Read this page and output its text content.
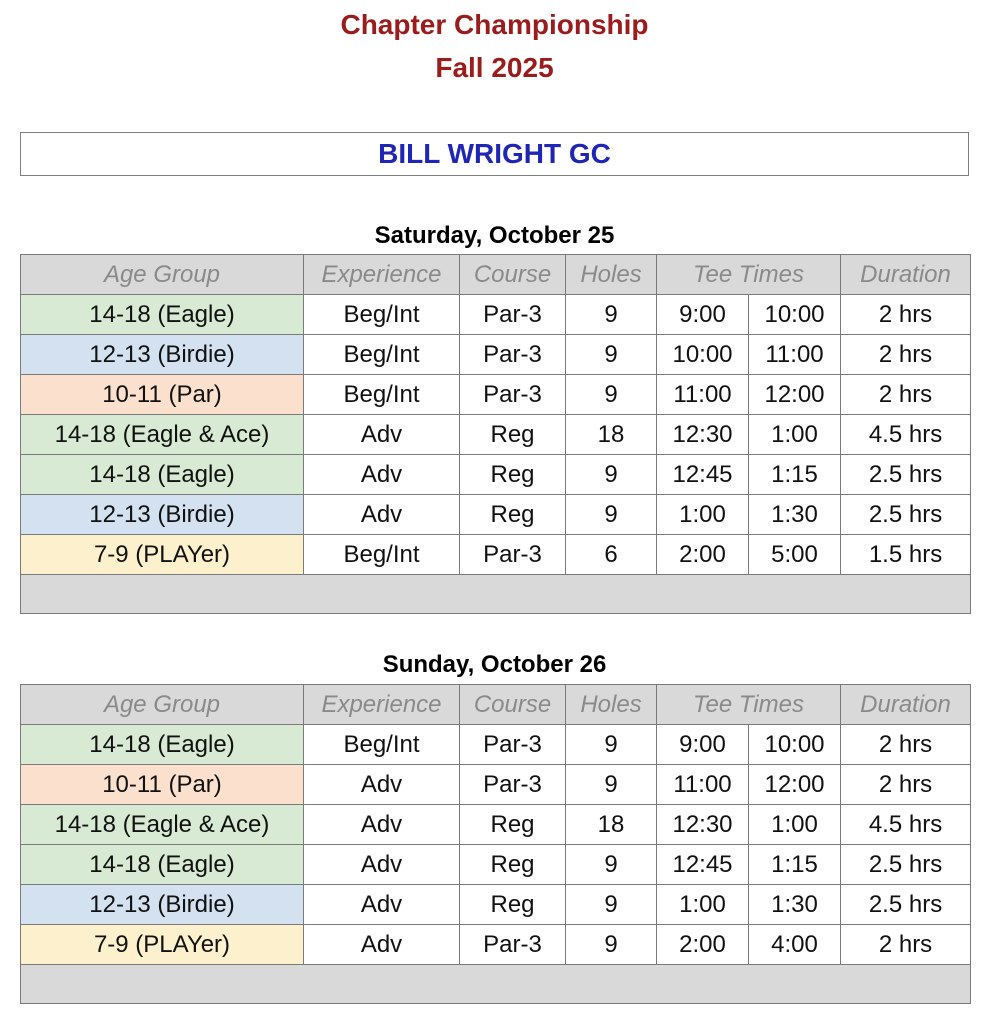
Chapter Championship
Fall 2025
BILL WRIGHT GC
Saturday, October 25
Age Group	Experience	Course	Holes	Tee Times		Duration
14-18 (Eagle)	Beg/Int	Par-3	9	9:00	10:00	2 hrs
12-13 (Birdie)	Beg/Int	Par-3	9	10:00	11:00	2 hrs
10-11 (Par)	Beg/Int	Par-3	9	11:00	12:00	2 hrs
14-18 (Eagle & Ace)	Adv	Reg	18	12:30	1:00	4.5 hrs
14-18 (Eagle)	Adv	Reg	9	12:45	1:15	2.5 hrs
12-13 (Birdie)	Adv	Reg	9	1:00	1:30	2.5 hrs
7-9 (PLAYer)	Beg/Int	Par-3	6	2:00	5:00	1.5 hrs

Sunday, October 26
Age Group	Experience	Course	Holes	Tee Times		Duration
14-18 (Eagle)	Beg/Int	Par-3	9	9:00	10:00	2 hrs
10-11 (Par)	Adv	Par-3	9	11:00	12:00	2 hrs
14-18 (Eagle & Ace)	Adv	Reg	18	12:30	1:00	4.5 hrs
14-18 (Eagle)	Adv	Reg	9	12:45	1:15	2.5 hrs
12-13 (Birdie)	Adv	Reg	9	1:00	1:30	2.5 hrs
7-9 (PLAYer)	Adv	Par-3	9	2:00	4:00	2 hrs
